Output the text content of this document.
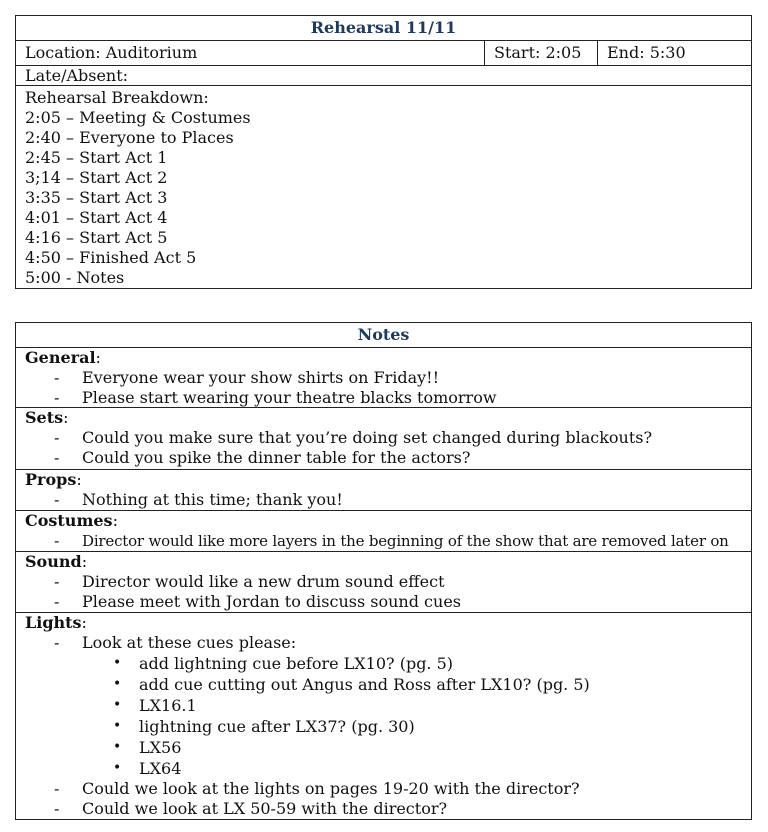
Rehearsal 11/11
Location: Auditorium	Start: 2:05	End: 5:30
Late/Absent:
Rehearsal Breakdown:
2:05 – Meeting & Costumes
2:40 – Everyone to Places
2:45 – Start Act 1
3;14 – Start Act 2
3:35 – Start Act 3
4:01 – Start Act 4
4:16 – Start Act 5
4:50 – Finished Act 5
5:00 - Notes
Notes
General:
- Everyone wear your show shirts on Friday!!
- Please start wearing your theatre blacks tomorrow
Sets:
- Could you make sure that you’re doing set changed during blackouts?
- Could you spike the dinner table for the actors?
Props:
- Nothing at this time; thank you!
Costumes:
- Director would like more layers in the beginning of the show that are removed later on
Sound:
- Director would like a new drum sound effect
- Please meet with Jordan to discuss sound cues
Lights:
- Look at these cues please:
• add lightning cue before LX10? (pg. 5)
• add cue cutting out Angus and Ross after LX10? (pg. 5)
• LX16.1
• lightning cue after LX37? (pg. 30)
• LX56
• LX64
- Could we look at the lights on pages 19-20 with the director?
- Could we look at LX 50-59 with the director?
